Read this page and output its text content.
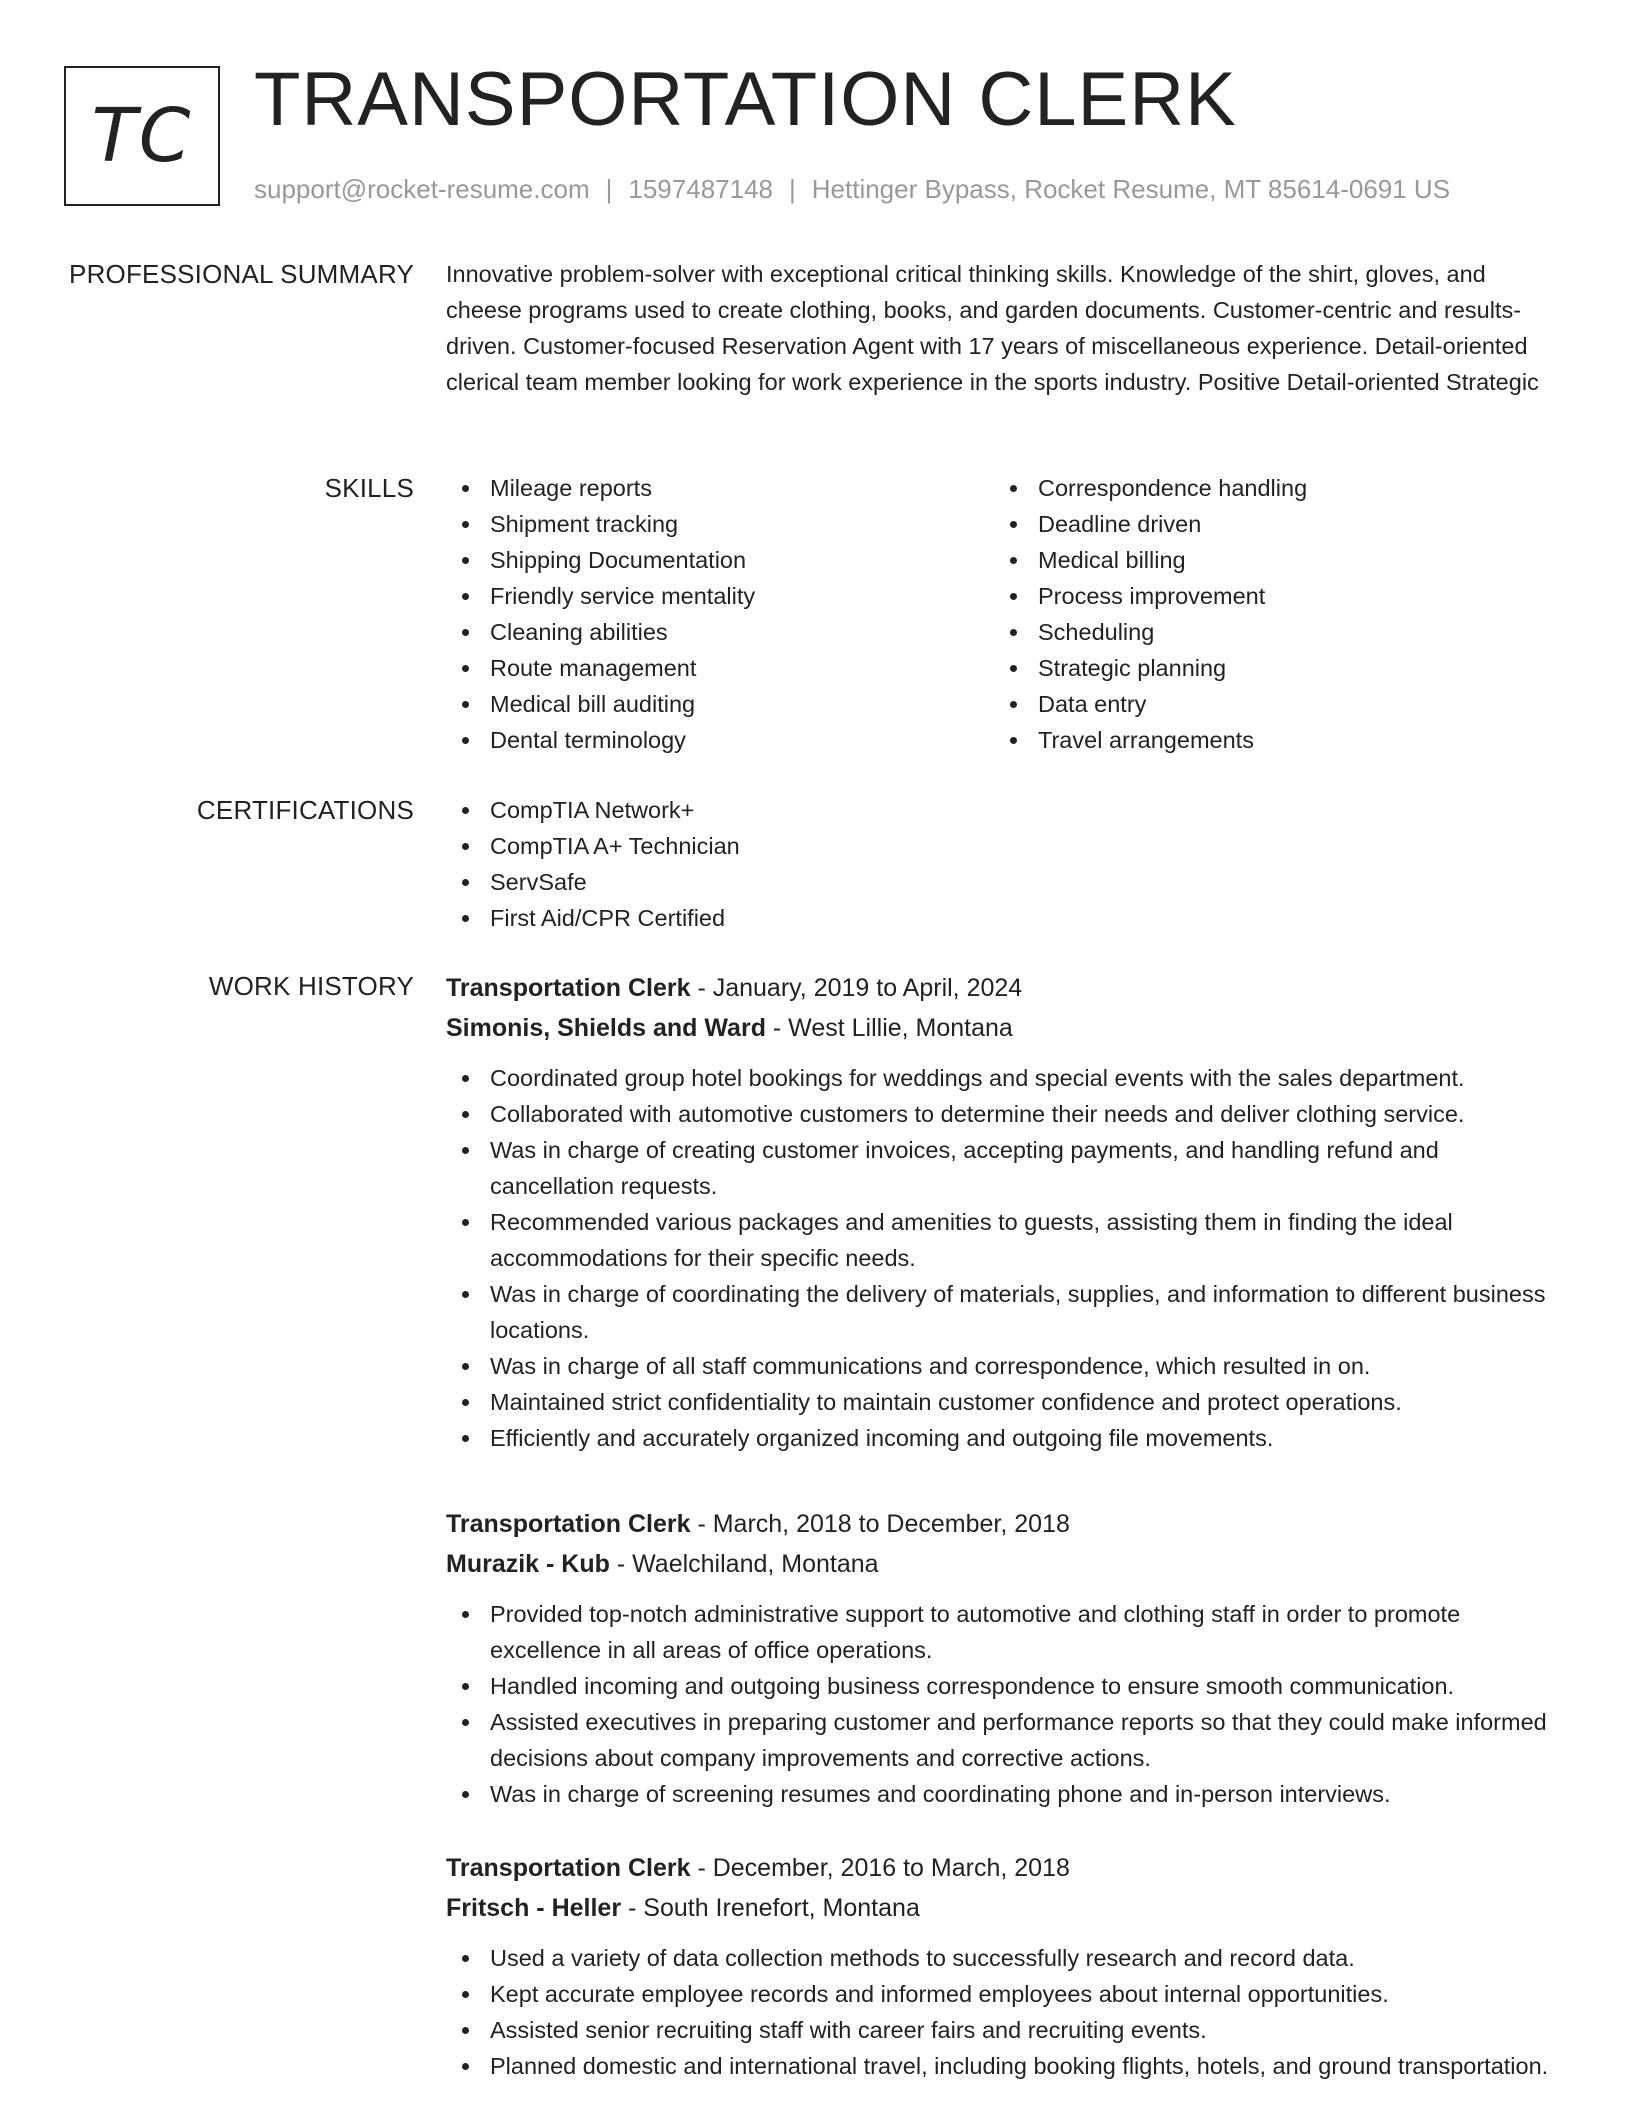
TC TRANSPORTATION CLERK
support@rocket-resume.com | 1597487148 | Hettinger Bypass, Rocket Resume, MT 85614-0691 US
PROFESSIONAL SUMMARY Innovative problem-solver with exceptional critical thinking skills. Knowledge of the shirt, gloves, and cheese programs used to create clothing, books, and garden documents. Customer-centric and results-driven. Customer-focused Reservation Agent with 17 years of miscellaneous experience. Detail-oriented clerical team member looking for work experience in the sports industry. Positive Detail-oriented Strategic

SKILLS	Mileage reports
Shipment tracking
Shipping Documentation
Friendly service mentality
Cleaning abilities
Route management
Medical bill auditing
Dental terminology
Correspondence handling
Deadline driven
Medical billing
Process improvement
Scheduling
Strategic planning
Data entry
Travel arrangements
CERTIFICATIONS	CompTIA Network+
CompTIA A+ Technician
ServSafe
First Aid/CPR Certified
WORK HISTORY Transportation Clerk - January, 2019 to April, 2024
Simonis, Shields and Ward - West Lillie, Montana
Coordinated group hotel bookings for weddings and special events with the sales department.
Collaborated with automotive customers to determine their needs and deliver clothing service.
Was in charge of creating customer invoices, accepting payments, and handling refund and cancellation requests.
Recommended various packages and amenities to guests, assisting them in finding the ideal accommodations for their specific needs.
Was in charge of coordinating the delivery of materials, supplies, and information to different business locations.
Was in charge of all staff communications and correspondence, which resulted in on.
Maintained strict confidentiality to maintain customer confidence and protect operations.
Efficiently and accurately organized incoming and outgoing file movements.
Transportation Clerk - March, 2018 to December, 2018
Murazik - Kub - Waelchiland, Montana
Provided top-notch administrative support to automotive and clothing staff in order to promote excellence in all areas of office operations.
Handled incoming and outgoing business correspondence to ensure smooth communication.
Assisted executives in preparing customer and performance reports so that they could make informed decisions about company improvements and corrective actions.
Was in charge of screening resumes and coordinating phone and in-person interviews.
Transportation Clerk - December, 2016 to March, 2018
Fritsch - Heller - South Irenefort, Montana
Used a variety of data collection methods to successfully research and record data.
Kept accurate employee records and informed employees about internal opportunities.
Assisted senior recruiting staff with career fairs and recruiting events.
Planned domestic and international travel, including booking flights, hotels, and ground transportation.
